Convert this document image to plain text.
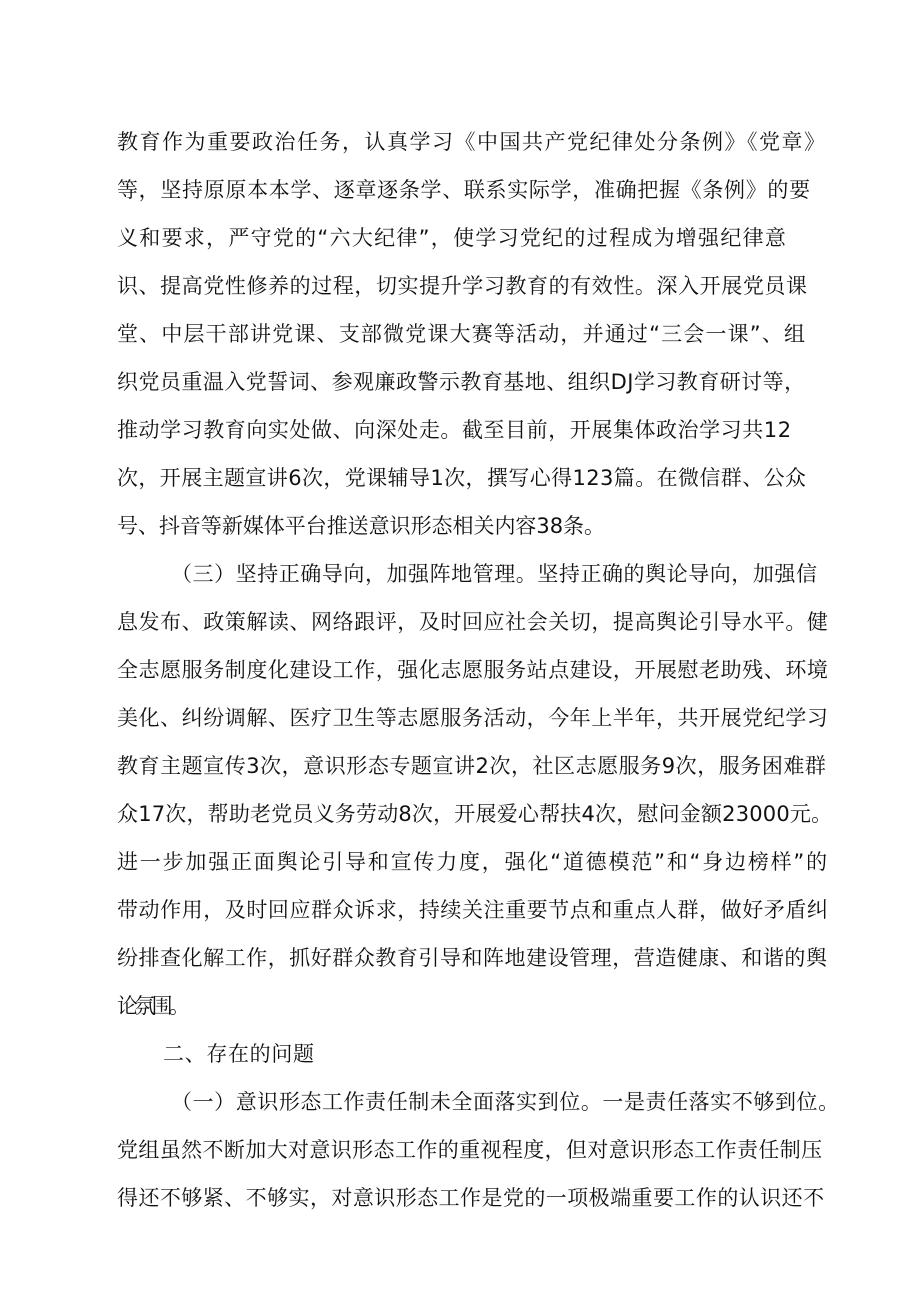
教育作为重要政治任务，认真学习《中国共产党纪律处分条例》《党章》
等，坚持原原本本学、逐章逐条学、联系实际学，准确把握《条例》的要
义和要求，严守党的“六大纪律”，使学习党纪的过程成为增强纪律意
识、提高党性修养的过程，切实提升学习教育的有效性。深入开展党员课
堂、中层干部讲党课、支部微党课大赛等活动，并通过“三会一课”、组
织党员重温入党誓词、参观廉政警示教育基地、组织DJ学习教育研讨等，
推动学习教育向实处做、向深处走。截至目前，开展集体政治学习共12
次，开展主题宣讲6次，党课辅导1次，撰写心得123篇。在微信群、公众
号、抖音等新媒体平台推送意识形态相关内容38条。
（三）坚持正确导向，加强阵地管理。坚持正确的舆论导向，加强信
息发布、政策解读、网络跟评，及时回应社会关切，提高舆论引导水平。健
全志愿服务制度化建设工作，强化志愿服务站点建设，开展慰老助残、环境
美化、纠纷调解、医疗卫生等志愿服务活动，今年上半年，共开展党纪学习
教育主题宣传3次，意识形态专题宣讲2次，社区志愿服务9次，服务困难群
众17次，帮助老党员义务劳动8次，开展爱心帮扶4次，慰问金额23000元。
进一步加强正面舆论引导和宣传力度，强化“道德模范”和“身边榜样”的
带动作用，及时回应群众诉求，持续关注重要节点和重点人群，做好矛盾纠
纷排查化解工作，抓好群众教育引导和阵地建设管理，营造健康、和谐的舆
论氛围。
二、存在的问题
（一）意识形态工作责任制未全面落实到位。一是责任落实不够到位。
党组虽然不断加大对意识形态工作的重视程度，但对意识形态工作责任制压
得还不够紧、不够实，对意识形态工作是党的一项极端重要工作的认识还不
